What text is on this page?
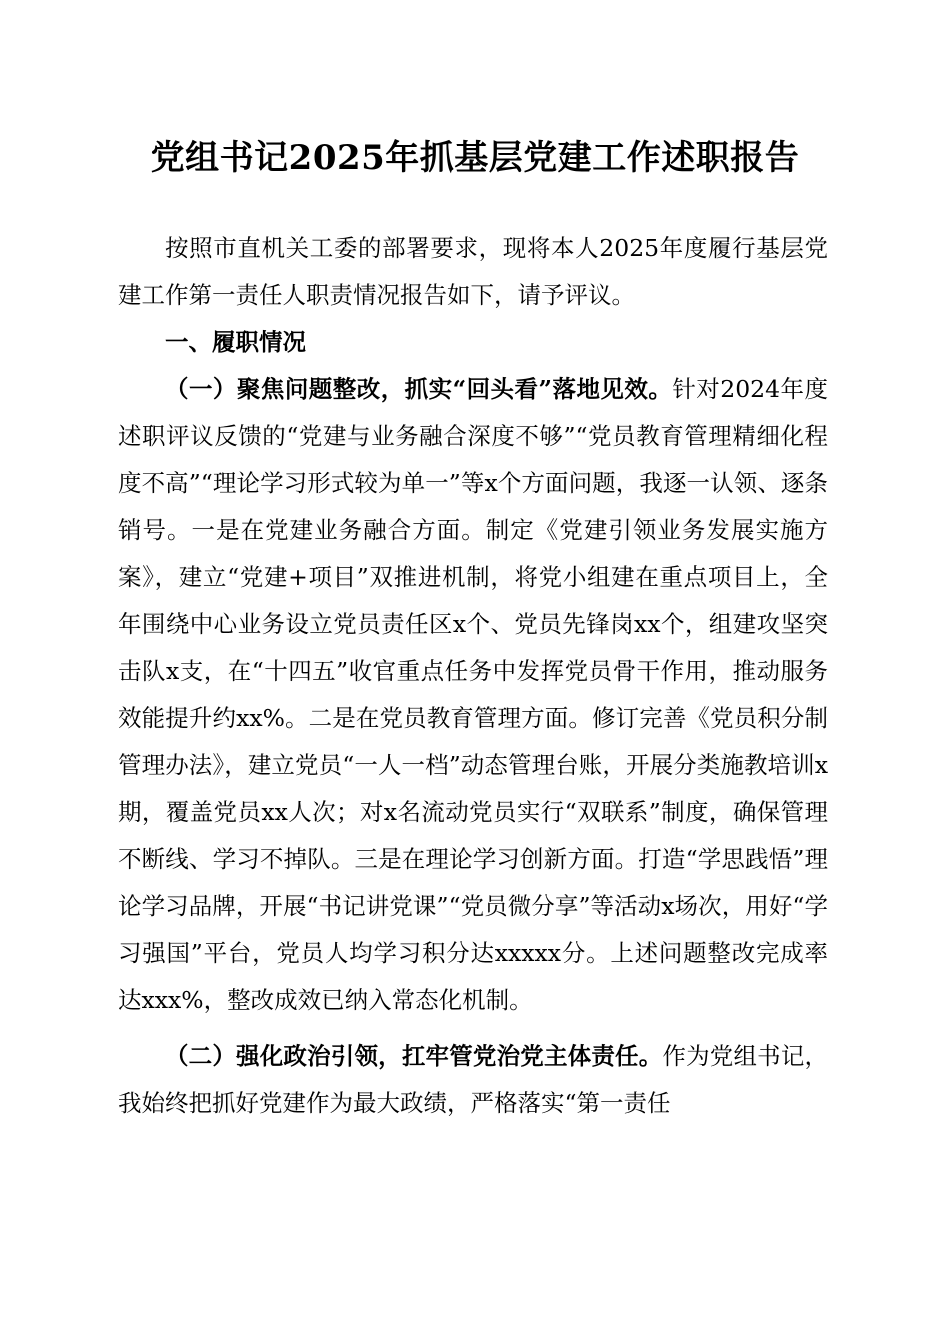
党组书记2025年抓基层党建工作述职报告

按照市直机关工委的部署要求，现将本人2025年度履行基层党建工作第一责任人职责情况报告如下，请予评议。

一、履职情况

（一）聚焦问题整改，抓实“回头看”落地见效。针对2024年度述职评议反馈的“党建与业务融合深度不够”“党员教育管理精细化程度不高”“理论学习形式较为单一”等x个方面问题，我逐一认领、逐条销号。一是在党建业务融合方面。制定《党建引领业务发展实施方案》，建立“党建+项目”双推进机制，将党小组建在重点项目上，全年围绕中心业务设立党员责任区x个、党员先锋岗xx个，组建攻坚突击队x支，在“十四五”收官重点任务中发挥党员骨干作用，推动服务效能提升约xx%。二是在党员教育管理方面。修订完善《党员积分制管理办法》，建立党员“一人一档”动态管理台账，开展分类施教培训x期，覆盖党员xx人次；对x名流动党员实行“双联系”制度，确保管理不断线、学习不掉队。三是在理论学习创新方面。打造“学思践悟”理论学习品牌，开展“书记讲党课”“党员微分享”等活动x场次，用好“学习强国”平台，党员人均学习积分达xxxxx分。上述问题整改完成率达xxx%，整改成效已纳入常态化机制。

（二）强化政治引领，扛牢管党治党主体责任。作为党组书记，我始终把抓好党建作为最大政绩，严格落实“第一责任
